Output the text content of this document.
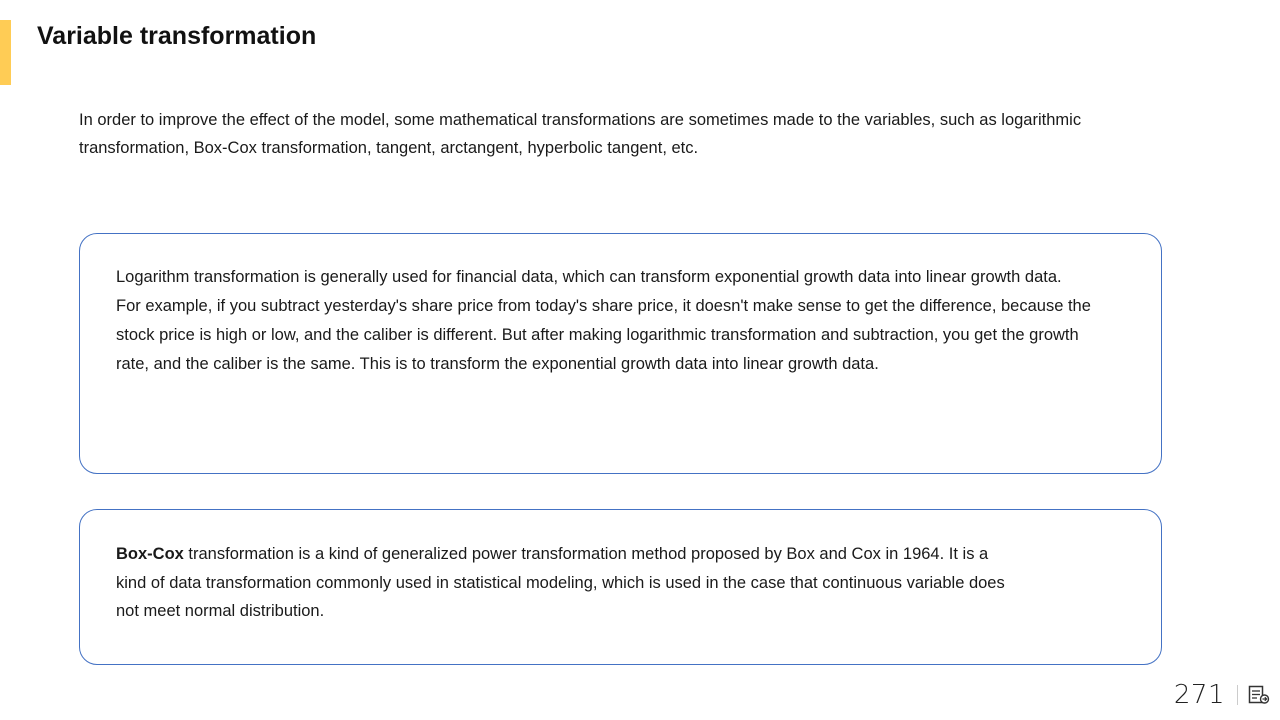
Variable transformation

In order to improve the effect of the model, some mathematical transformations are sometimes made to the variables, such as logarithmic transformation, Box-Cox transformation, tangent, arctangent, hyperbolic tangent, etc.

Logarithm transformation is generally used for financial data, which can transform exponential growth data into linear growth data.

For example, if you subtract yesterday's share price from today's share price, it doesn't make sense to get the difference, because the stock price is high or low, and the caliber is different. But after making logarithmic transformation and subtraction, you get the growth rate, and the caliber is the same. This is to transform the exponential growth data into linear growth data.

Box-Cox transformation is a kind of generalized power transformation method proposed by Box and Cox in 1964. It is a kind of data transformation commonly used in statistical modeling, which is used in the case that continuous variable does not meet normal distribution.

271
